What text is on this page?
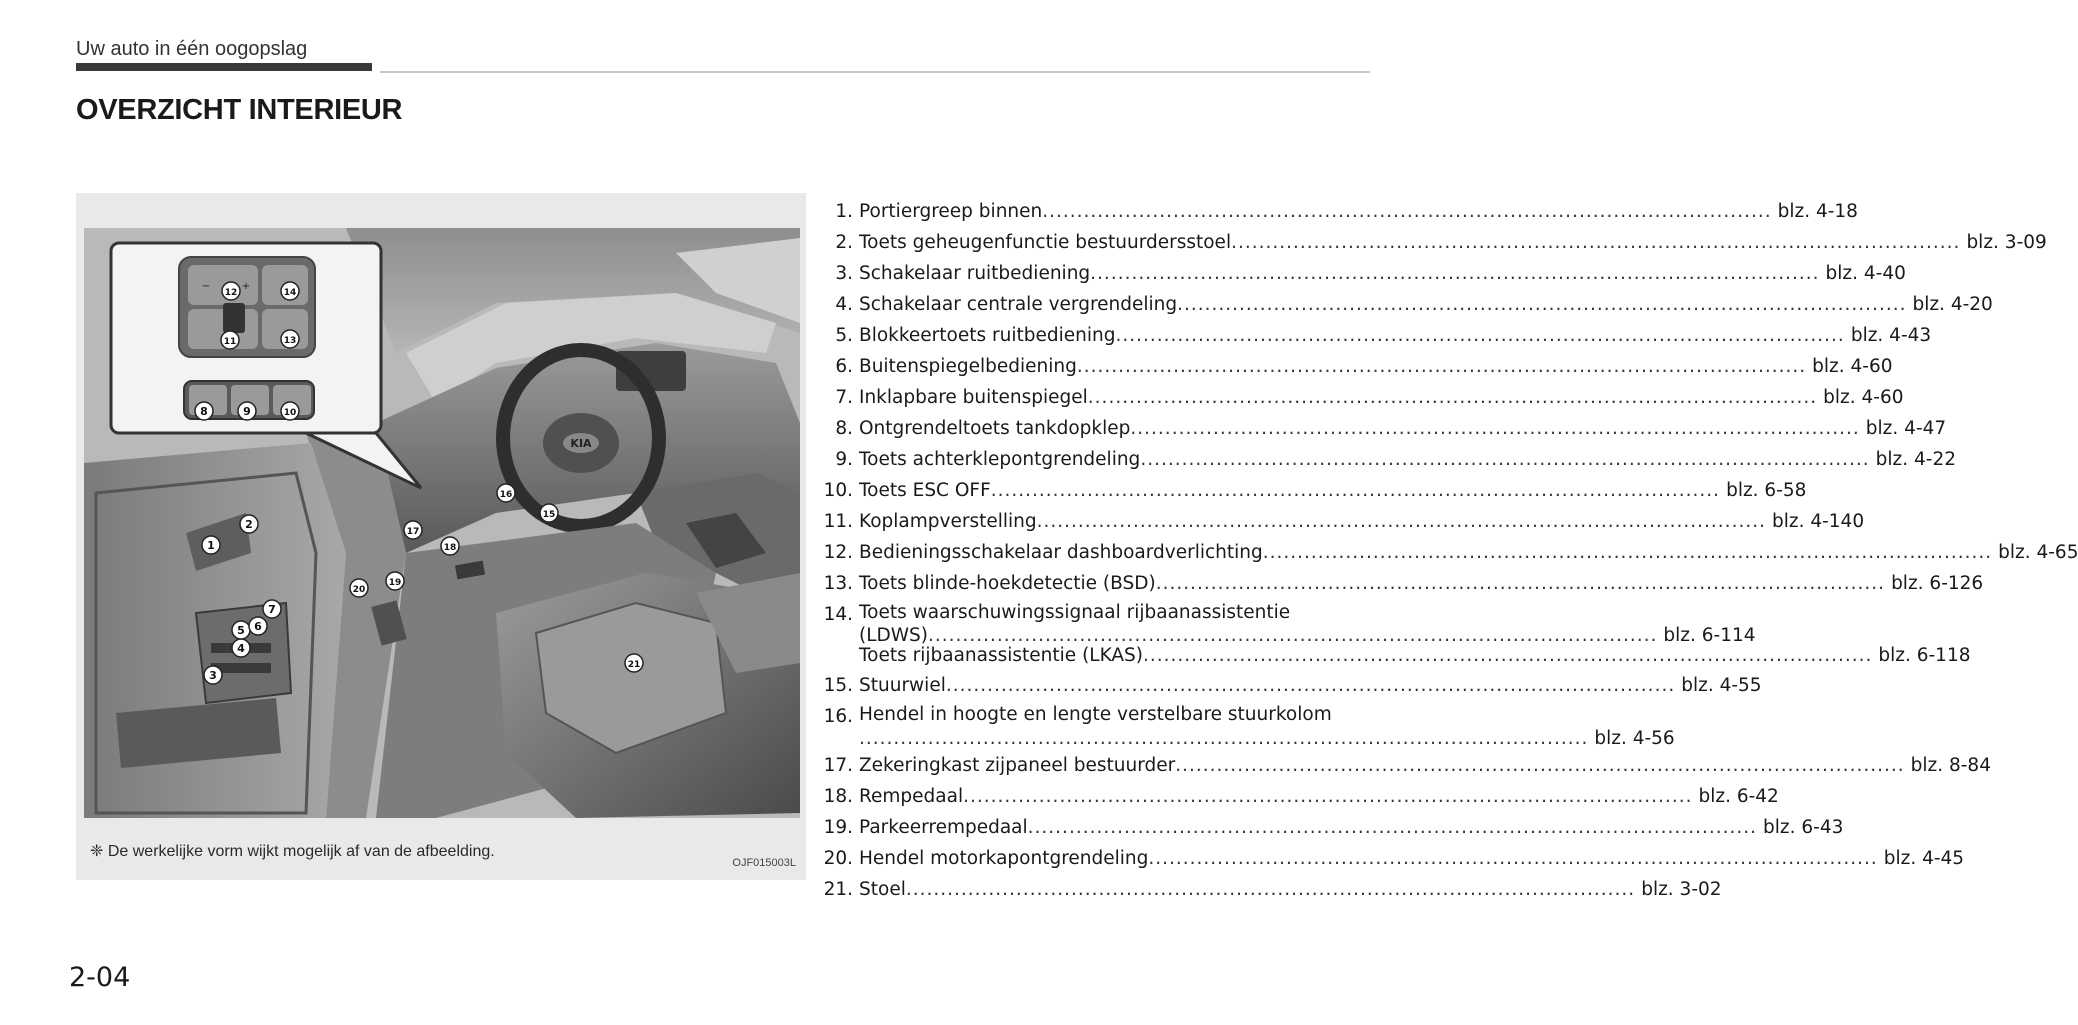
Uw auto in één oogopslag
OVERZICHT INTERIEUR
KIA
−	+
1
2
3
4
5 6
7
8	9	10
11
12
13
14
15
16
17
18
19
20
21
❈ De werkelijke vorm wijkt mogelijk af van de afbeelding.
OJF015003L
1. Portiergreep binnen .......................................................................................................... blz. 4-18
2. Toets geheugenfunctie bestuurdersstoel .......................................................................................................... blz. 3-09
3. Schakelaar ruitbediening .......................................................................................................... blz. 4-40
4. Schakelaar centrale vergrendeling .......................................................................................................... blz. 4-20
5. Blokkeertoets ruitbediening .......................................................................................................... blz. 4-43
6. Buitenspiegelbediening .......................................................................................................... blz. 4-60
7. Inklapbare buitenspiegel .......................................................................................................... blz. 4-60
8. Ontgrendeltoets tankdopklep .......................................................................................................... blz. 4-47
9. Toets achterklepontgrendeling .......................................................................................................... blz. 4-22
10. Toets ESC OFF .......................................................................................................... blz. 6-58
11. Koplampverstelling .......................................................................................................... blz. 4-140
12. Bedieningsschakelaar dashboardverlichting .......................................................................................................... blz. 4-65
13. Toets blinde-hoekdetectie (BSD) .......................................................................................................... blz. 6-126
14. Toets waarschuwingssignaal rijbaanassistentie
(LDWS) .......................................................................................................... blz. 6-114
Toets rijbaanassistentie (LKAS) .......................................................................................................... blz. 6-118
15. Stuurwiel .......................................................................................................... blz. 4-55
16. Hendel in hoogte en lengte verstelbare stuurkolom
.......................................................................................................... blz. 4-56
17. Zekeringkast zijpaneel bestuurder .......................................................................................................... blz. 8-84
18. Rempedaal .......................................................................................................... blz. 6-42
19. Parkeerrempedaal .......................................................................................................... blz. 6-43
20. Hendel motorkapontgrendeling .......................................................................................................... blz. 4-45
21. Stoel .......................................................................................................... blz. 3-02
2-04
